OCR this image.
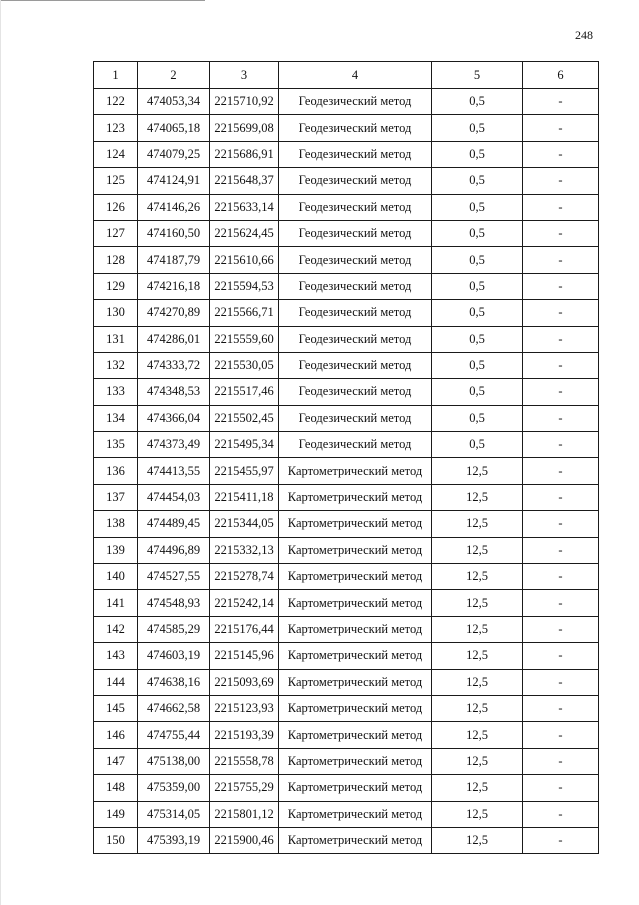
248
1	2	3	4	5	6
122	474053,34	2215710,92	Геодезический метод	0,5	-
123	474065,18	2215699,08	Геодезический метод	0,5	-
124	474079,25	2215686,91	Геодезический метод	0,5	-
125	474124,91	2215648,37	Геодезический метод	0,5	-
126	474146,26	2215633,14	Геодезический метод	0,5	-
127	474160,50	2215624,45	Геодезический метод	0,5	-
128	474187,79	2215610,66	Геодезический метод	0,5	-
129	474216,18	2215594,53	Геодезический метод	0,5	-
130	474270,89	2215566,71	Геодезический метод	0,5	-
131	474286,01	2215559,60	Геодезический метод	0,5	-
132	474333,72	2215530,05	Геодезический метод	0,5	-
133	474348,53	2215517,46	Геодезический метод	0,5	-
134	474366,04	2215502,45	Геодезический метод	0,5	-
135	474373,49	2215495,34	Геодезический метод	0,5	-
136	474413,55	2215455,97	Картометрический метод	12,5	-
137	474454,03	2215411,18	Картометрический метод	12,5	-
138	474489,45	2215344,05	Картометрический метод	12,5	-
139	474496,89	2215332,13	Картометрический метод	12,5	-
140	474527,55	2215278,74	Картометрический метод	12,5	-
141	474548,93	2215242,14	Картометрический метод	12,5	-
142	474585,29	2215176,44	Картометрический метод	12,5	-
143	474603,19	2215145,96	Картометрический метод	12,5	-
144	474638,16	2215093,69	Картометрический метод	12,5	-
145	474662,58	2215123,93	Картометрический метод	12,5	-
146	474755,44	2215193,39	Картометрический метод	12,5	-
147	475138,00	2215558,78	Картометрический метод	12,5	-
148	475359,00	2215755,29	Картометрический метод	12,5	-
149	475314,05	2215801,12	Картометрический метод	12,5	-
150	475393,19	2215900,46	Картометрический метод	12,5	-
